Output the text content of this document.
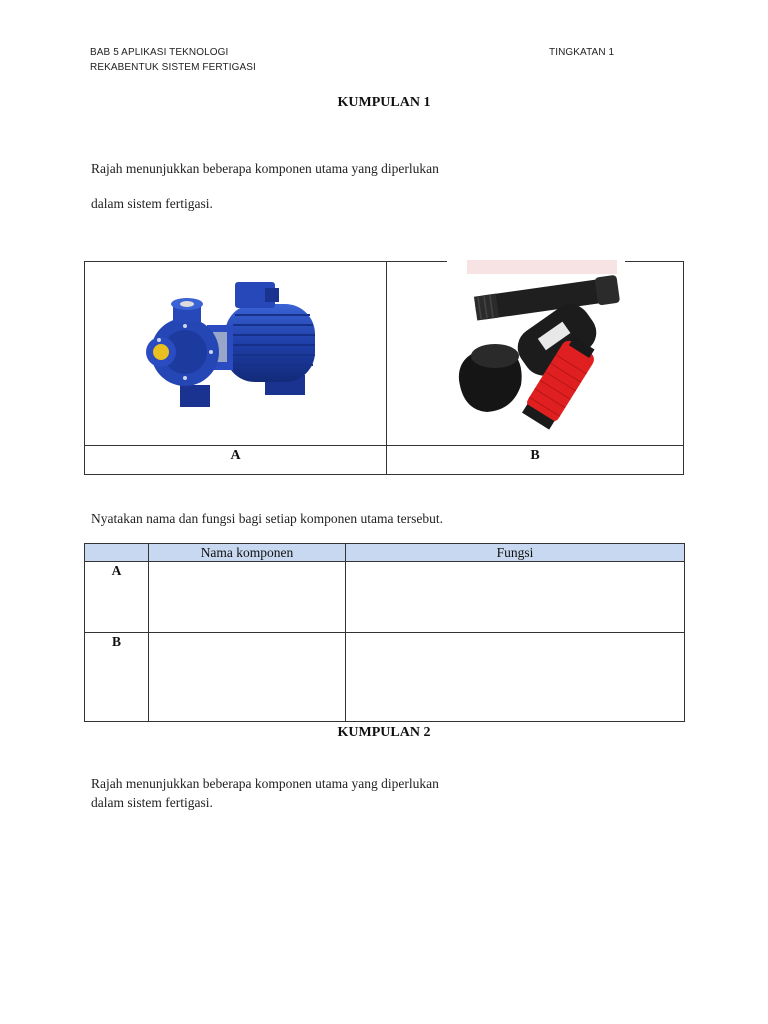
BAB 5 APLIKASI TEKNOLOGI
REKABENTUK SISTEM FERTIGASI
TINGKATAN 1
KUMPULAN 1
Rajah menunjukkan beberapa komponen utama yang diperlukan
dalam sistem fertigasi.
A	B
Nyatakan nama dan fungsi bagi setiap komponen utama tersebut.
	Nama komponen	Fungsi
A		
B		
KUMPULAN 2
Rajah menunjukkan beberapa komponen utama yang diperlukan
dalam sistem fertigasi.
